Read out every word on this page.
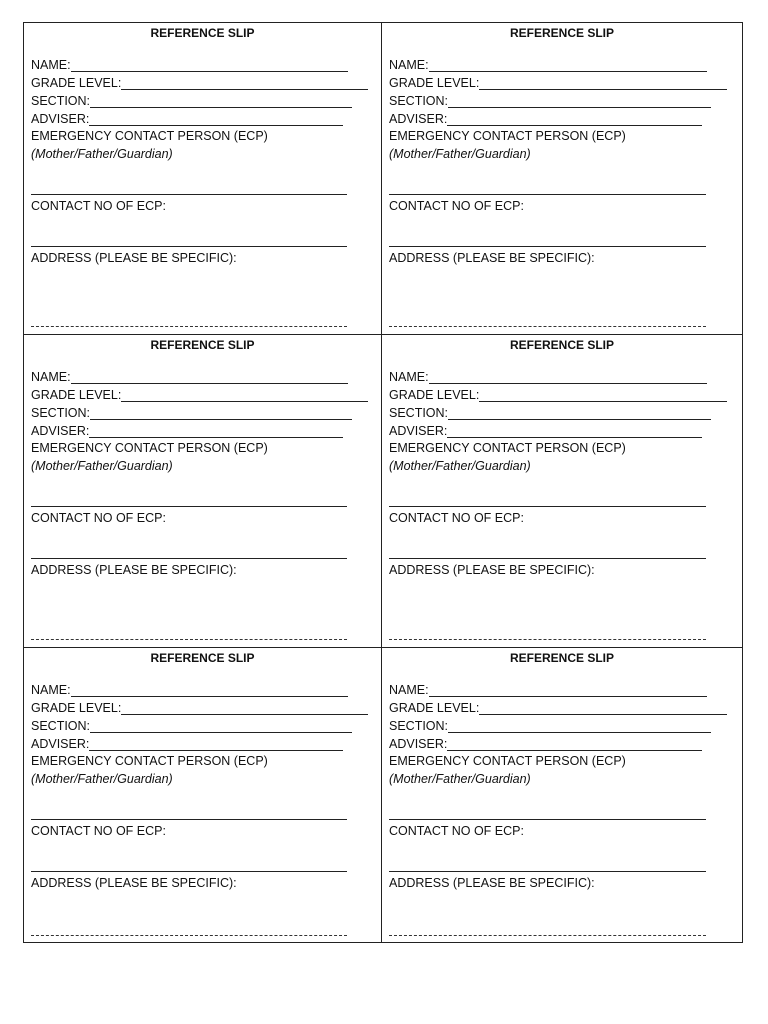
REFERENCE SLIP
NAME:
GRADE LEVEL:
SECTION:
ADVISER:
EMERGENCY CONTACT PERSON (ECP)
(Mother/Father/Guardian)
CONTACT NO OF ECP:
ADDRESS (PLEASE BE SPECIFIC):
REFERENCE SLIP
NAME:
GRADE LEVEL:
SECTION:
ADVISER:
EMERGENCY CONTACT PERSON (ECP)
(Mother/Father/Guardian)
CONTACT NO OF ECP:
ADDRESS (PLEASE BE SPECIFIC):
REFERENCE SLIP
NAME:
GRADE LEVEL:
SECTION:
ADVISER:
EMERGENCY CONTACT PERSON (ECP)
(Mother/Father/Guardian)
CONTACT NO OF ECP:
ADDRESS (PLEASE BE SPECIFIC):
REFERENCE SLIP
NAME:
GRADE LEVEL:
SECTION:
ADVISER:
EMERGENCY CONTACT PERSON (ECP)
(Mother/Father/Guardian)
CONTACT NO OF ECP:
ADDRESS (PLEASE BE SPECIFIC):
REFERENCE SLIP
NAME:
GRADE LEVEL:
SECTION:
ADVISER:
EMERGENCY CONTACT PERSON (ECP)
(Mother/Father/Guardian)
CONTACT NO OF ECP:
ADDRESS (PLEASE BE SPECIFIC):
REFERENCE SLIP
NAME:
GRADE LEVEL:
SECTION:
ADVISER:
EMERGENCY CONTACT PERSON (ECP)
(Mother/Father/Guardian)
CONTACT NO OF ECP:
ADDRESS (PLEASE BE SPECIFIC):
